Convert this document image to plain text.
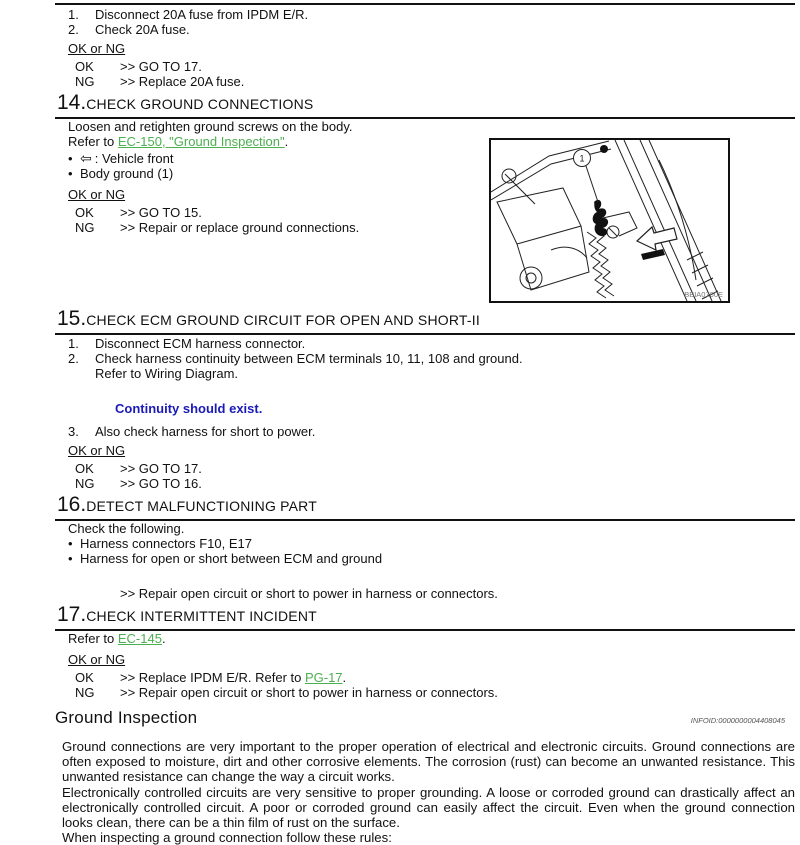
1.	Disconnect 20A fuse from IPDM E/R.
2.	Check 20A fuse.
OK or NG
OK	>> GO TO 17.
NG	>> Replace 20A fuse.
14. CHECK GROUND CONNECTIONS
Loosen and retighten ground screws on the body.
Refer to EC-150, "Ground Inspection".
• ⇦ : Vehicle front
• Body ground (1)
OK or NG
OK	>> GO TO 15.
NG	>> Repair or replace ground connections.
15. CHECK ECM GROUND CIRCUIT FOR OPEN AND SHORT-II
1.	Disconnect ECM harness connector.
2.	Check harness continuity between ECM terminals 10, 11, 108 and ground.
Refer to Wiring Diagram.
Continuity should exist.
3.	Also check harness for short to power.
OK or NG
OK	>> GO TO 17.
NG	>> GO TO 16.
16. DETECT MALFUNCTIONING PART
Check the following.
• Harness connectors F10, E17
• Harness for open or short between ECM and ground
>> Repair open circuit or short to power in harness or connectors.
17. CHECK INTERMITTENT INCIDENT
Refer to EC-145.
OK or NG
OK	>> Replace IPDM E/R. Refer to PG-17.
NG	>> Repair open circuit or short to power in harness or connectors.
Ground Inspection	INFOID:0000000004408045

Ground connections are very important to the proper operation of electrical and electronic circuits. Ground connections are often exposed to moisture, dirt and other corrosive elements. The corrosion (rust) can become an unwanted resistance. This unwanted resistance can change the way a circuit works.

Electronically controlled circuits are very sensitive to proper grounding. A loose or corroded ground can drastically affect an electronically controlled circuit. A poor or corroded ground can easily affect the circuit. Even when the ground connection looks clean, there can be a thin film of rust on the surface.

When inspecting a ground connection follow these rules:

1
BBIA0760E
